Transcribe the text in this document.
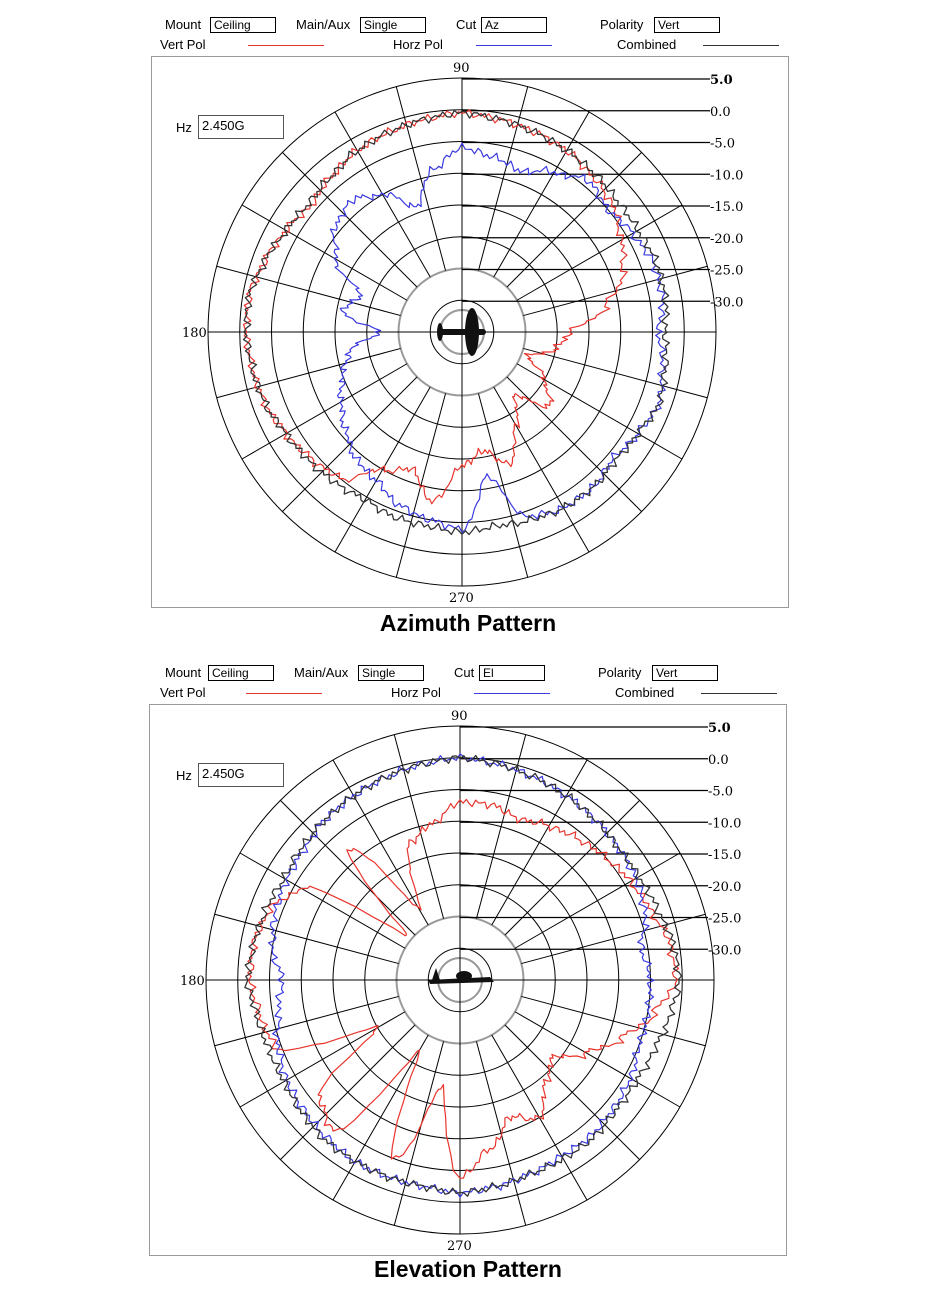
Mount	Ceiling	Main/Aux	Single	Cut Az	Polarity	Vert
Vert Pol	Horz Pol	Combined
5.0
0.0
-5.0
-10.0
-15.0
-20.0
-25.0
-30.0
90
180
270
Hz 2.450G
Azimuth Pattern
Mount Ceiling	Main/Aux	Single	Cut El	Polarity	Vert
Vert Pol	Horz Pol	Combined
5.0
0.0
-5.0
-10.0
-15.0
-20.0
-25.0
-30.0
90
180
270
Hz 2.450G
Elevation Pattern
